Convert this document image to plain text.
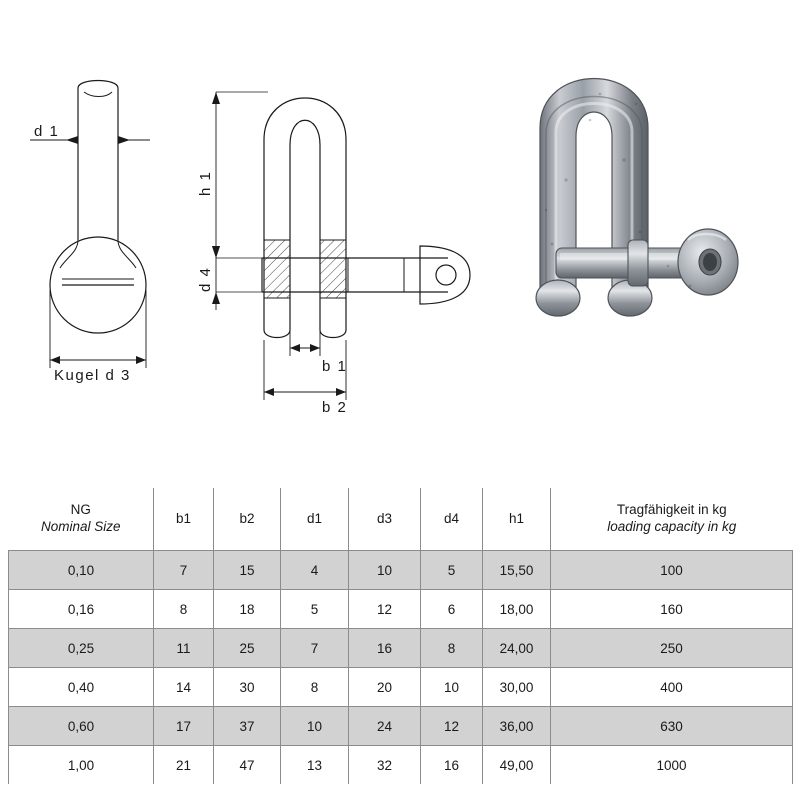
d 1
Kugel d 3
h 1
d 4
b 1
b 2
NG
Nominal Size	b1	b2	d1	d3	d4	h1	Tragfähigkeit in kg
loading capacity in kg

0,10	7	15	4	10	5	15,50	100
0,16	8	18	5	12	6	18,00	160
0,25	11	25	7	16	8	24,00	250
0,40	14	30	8	20	10	30,00	400
0,60	17	37	10	24	12	36,00	630
1,00	21	47	13	32	16	49,00	1000
